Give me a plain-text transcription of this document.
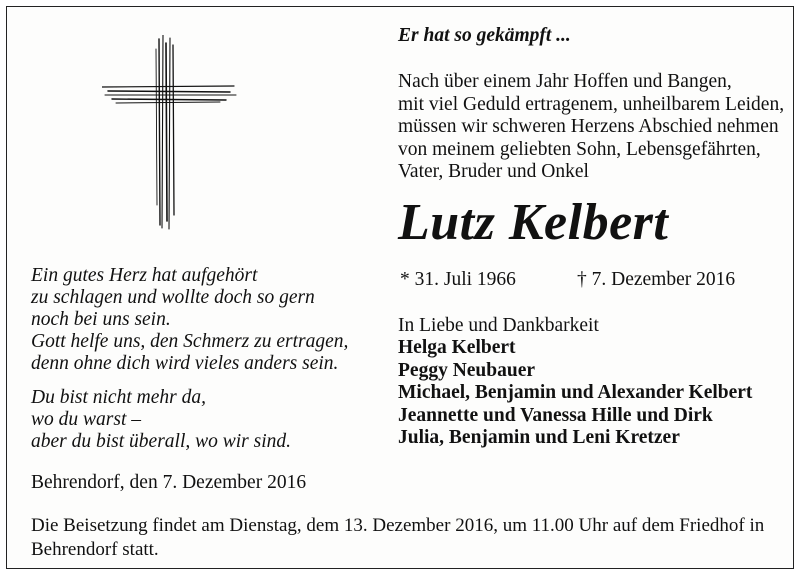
Ein gutes Herz hat aufgehört

zu schlagen und wollte doch so gern

noch bei uns sein.

Gott helfe uns, den Schmerz zu ertragen,

denn ohne dich wird vieles anders sein.

Du bist nicht mehr da,

wo du warst –

aber du bist überall, wo wir sind.

Behrendorf, den 7. Dezember 2016

Die Beisetzung findet am Dienstag, dem 13. Dezember 2016, um 11.00 Uhr auf dem Friedhof in

Behrendorf statt.

Er hat so gekämpft ...

Nach über einem Jahr Hoffen und Bangen,

mit viel Geduld ertragenem, unheilbarem Leiden,

müssen wir schweren Herzens Abschied nehmen

von meinem geliebten Sohn, Lebensgefährten,

Vater, Bruder und Onkel

Lutz Kelbert
* 31. Juli 1966	† 7. Dezember 2016
In Liebe und Dankbarkeit

Helga Kelbert

Peggy Neubauer

Michael, Benjamin und Alexander Kelbert

Jeannette und Vanessa Hille und Dirk

Julia, Benjamin und Leni Kretzer
